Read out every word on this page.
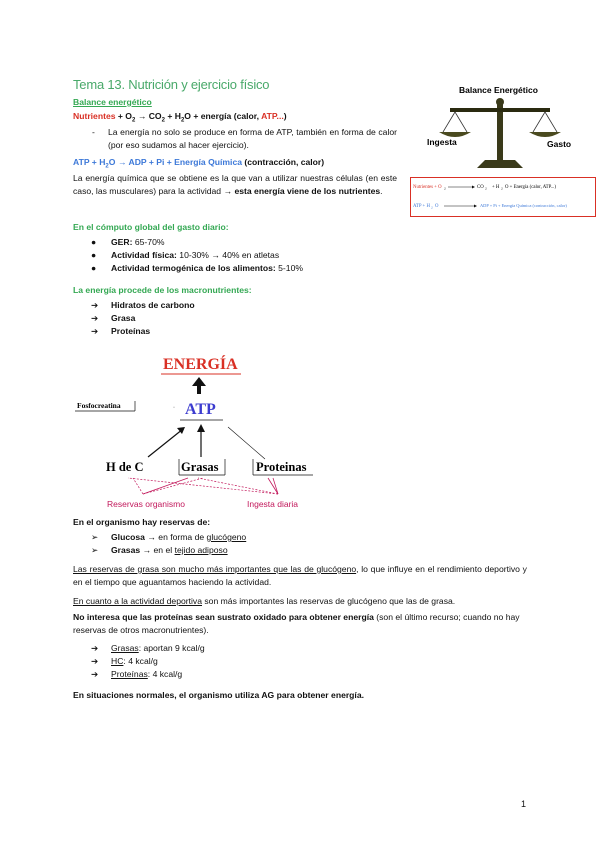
Tema 13. Nutrición y ejercicio físico
Balance energético
Nutrientes + $O_2 \to CO_2 + H_2O$ + energía (calor, ATP...)
- La energía no solo se produce en forma de ATP, también en forma de calor (por eso sudamos al hacer ejercicio).
ATP + $H_2O$ → ADP + Pi + Energía Química (contracción, calor)
La energía química que se obtiene es la que van a utilizar nuestras células (en este caso, las musculares) para la actividad → esta energía viene de los nutrientes.
En el cómputo global del gasto diario:
● GER: 65-70%
● Actividad física: 10-30% → 40% en atletas
● Actividad termogénica de los alimentos: 5-10%
La energía procede de los macronutrientes:
➔ Hidratos de carbono
➔ Grasa
➔ Proteínas
Balance Energético
Ingesta	Gasto
Nutrientes + O 2	CO 2 + H 2 O + Energía (calor, ATP...)
ATP + H 2 O	ADP + Pi + Energía Química (contracción, calor)
ENERGÍA
Fosfocreatina	· ATP
H de C	Grasas	Proteinas
Reservas organismo	Ingesta diaria
En el organismo hay reservas de:
➢ Glucosa → en forma de glucógeno
➢ Grasas → en el tejido adiposo
Las reservas de grasa son mucho más importantes que las de glucógeno, lo que influye en el rendimiento deportivo y en el tiempo que aguantamos haciendo la actividad.
En cuanto a la actividad deportiva son más importantes las reservas de glucógeno que las de grasa.
No interesa que las proteínas sean sustrato oxidado para obtener energía (son el último recurso; cuando no hay reservas de otros macronutrientes).
➔ Grasas: aportan 9 kcal/g
➔ HC: 4 kcal/g
➔ Proteínas: 4 kcal/g
En situaciones normales, el organismo utiliza AG para obtener energía.
1
